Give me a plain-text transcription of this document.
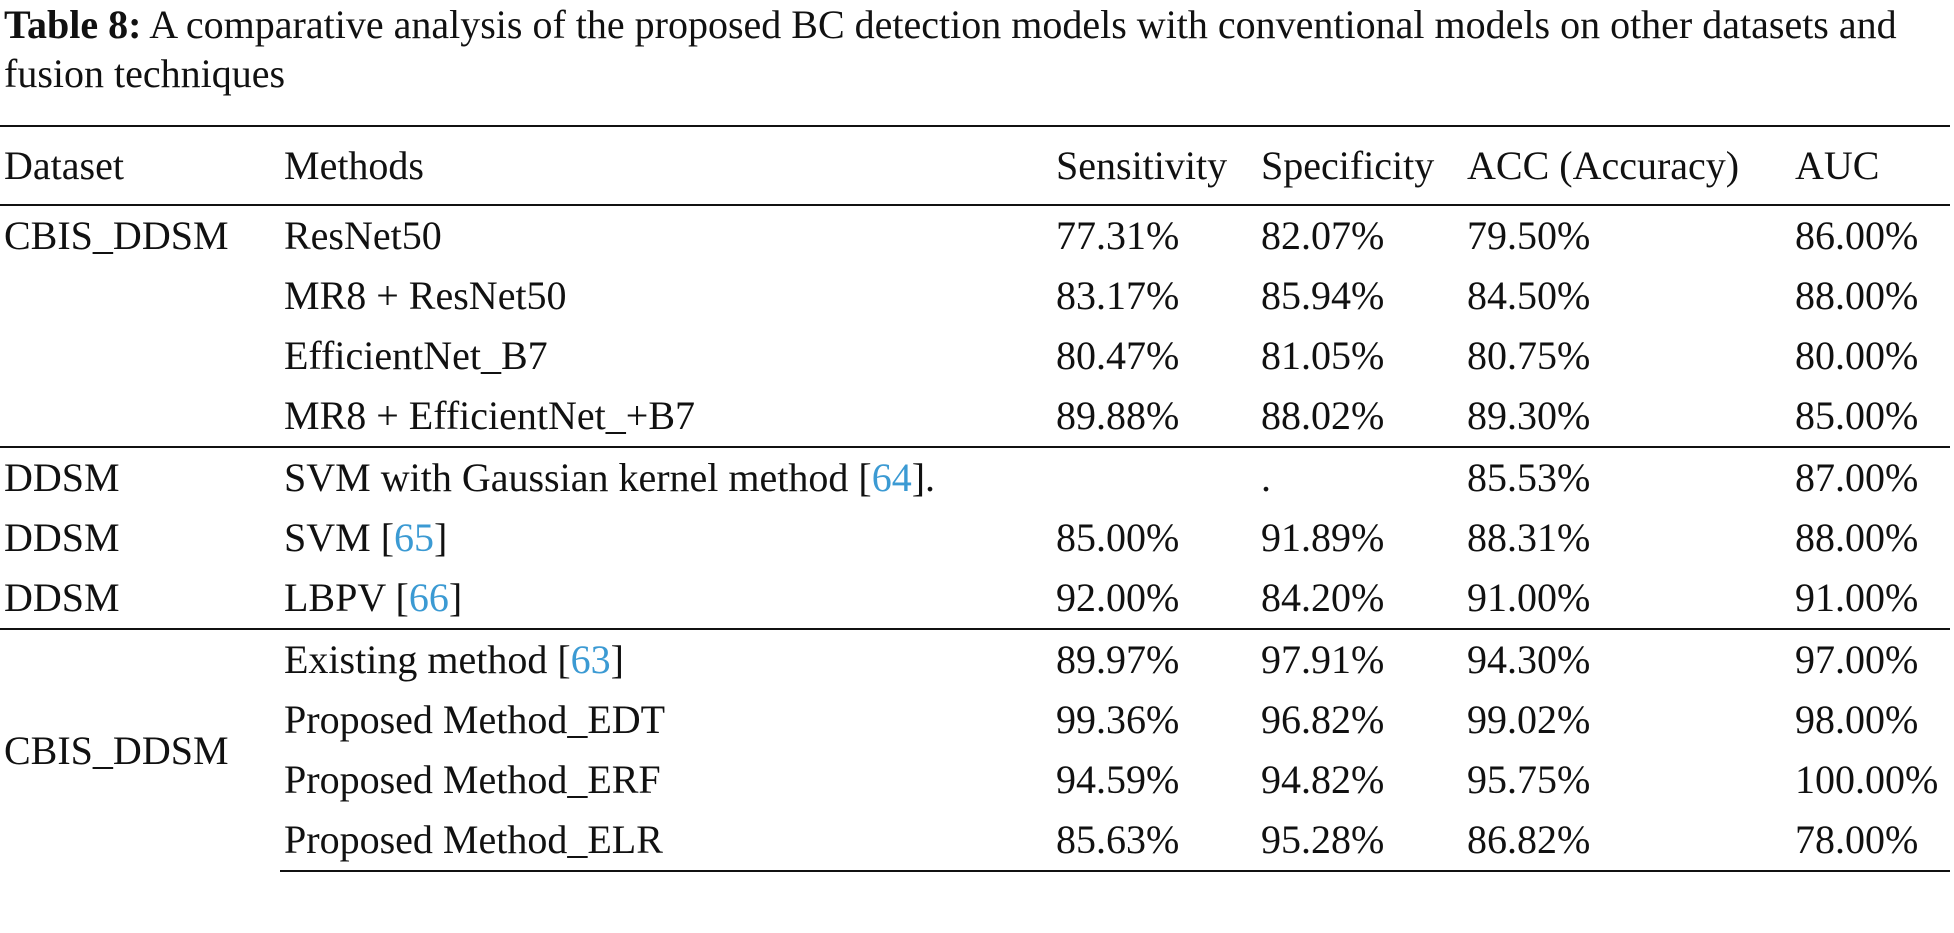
Table 8: A comparative analysis of the proposed BC detection models with conventional models on other datasets and fusion techniques
Dataset	Methods	Sensitivity	Specificity	ACC (Accuracy)	AUC
CBIS_DDSM	ResNet50	77.31%	82.07%	79.50%	86.00%
	MR8 + ResNet50	83.17%	85.94%	84.50%	88.00%
	EfficientNet_B7	80.47%	81.05%	80.75%	80.00%
	MR8 + EfficientNet_+B7	89.88%	88.02%	89.30%	85.00%
DDSM	SVM with Gaussian kernel method [64].		.	85.53%	87.00%
DDSM	SVM [65]	85.00%	91.89%	88.31%	88.00%
DDSM	LBPV [66]	92.00%	84.20%	91.00%	91.00%
CBIS_DDSM	Existing method [63]	89.97%	97.91%	94.30%	97.00%
	Proposed Method_EDT	99.36%	96.82%	99.02%	98.00%
	Proposed Method_ERF	94.59%	94.82%	95.75%	100.00%
	Proposed Method_ELR	85.63%	95.28%	86.82%	78.00%
